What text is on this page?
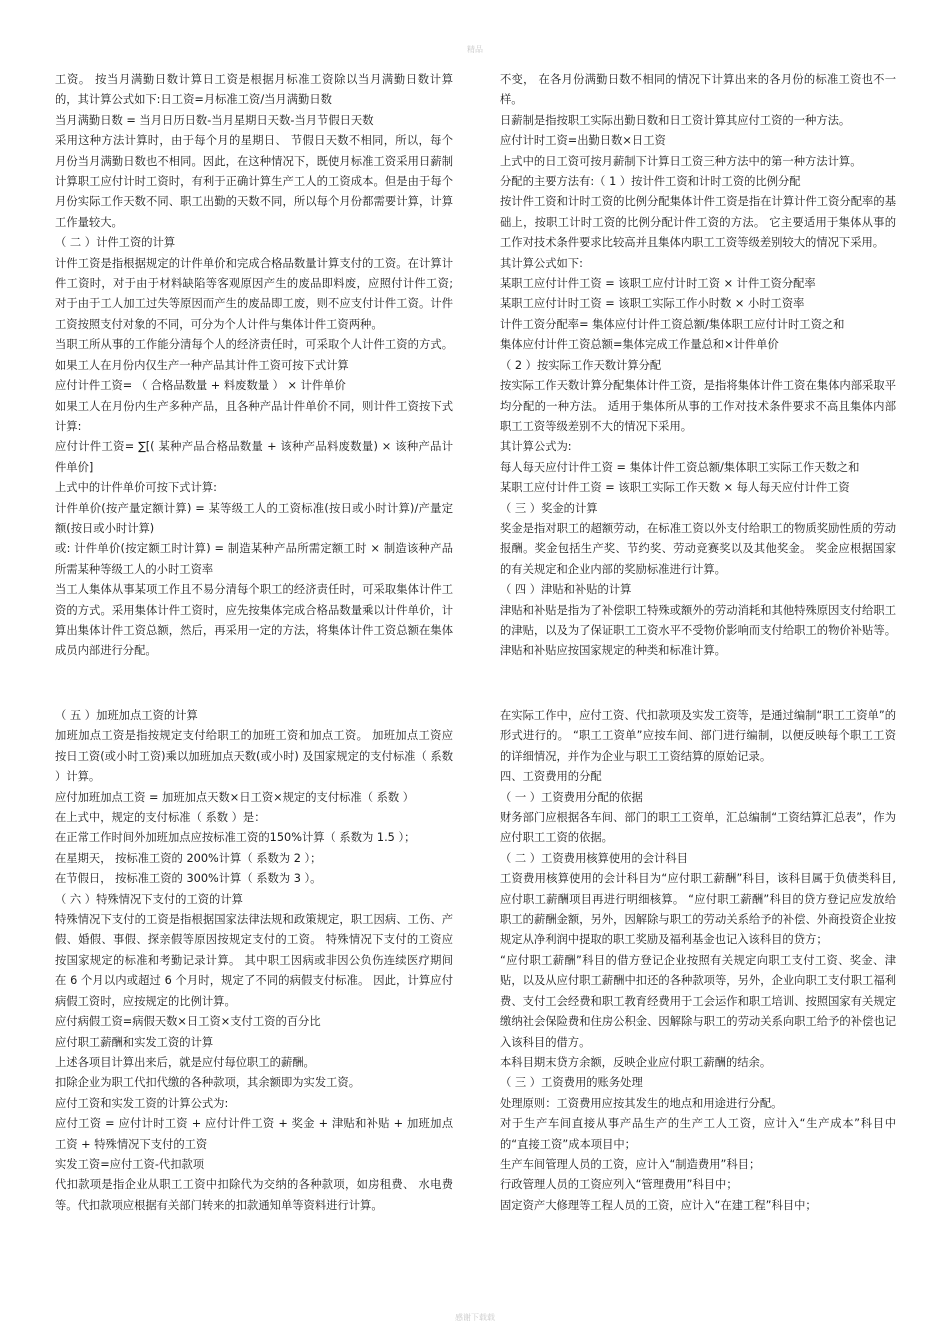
精品

工资。 按当月满勤日数计算日工资是根据月标准工资除以当月满勤日数计算的，其计算公式如下:日工资=月标准工资/当月满勤日数

当月满勤日数 = 当月日历日数-当月星期日天数-当月节假日天数

采用这种方法计算时，由于每个月的星期日、 节假日天数不相同，所以，每个月份当月满勤日数也不相同。因此，在这种情况下，既使月标准工资采用日薪制计算职工应付计时工资时，有利于正确计算生产工人的工资成本。但是由于每个月份实际工作天数不同、职工出勤的天数不同，所以每个月份都需要计算，计算工作量较大。

（ 二 ）计件工资的计算

计件工资是指根据规定的计件单价和完成合格品数量计算支付的工资。在计算计件工资时，对于由于材料缺陷等客观原因产生的废品即料废，应照付计件工资;对于由于工人加工过失等原因而产生的废品即工废，则不应支付计件工资。计件工资按照支付对象的不同，可分为个人计件与集体计件工资两种。

当职工所从事的工作能分清每个人的经济责任时，可采取个人计件工资的方式。 如果工人在月份内仅生产一种产品其计件工资可按下式计算

应付计件工资= （ 合格品数量 + 料废数量 ） × 计件单价

如果工人在月份内生产多种产品，且各种产品计件单价不同，则计件工资按下式计算:

应付计件工资= ∑[( 某种产品合格品数量 + 该种产品料废数量) × 该种产品计件单价]

上式中的计件单价可按下式计算:

计件单价(按产量定额计算) = 某等级工人的工资标准(按日或小时计算)/产量定额(按日或小时计算)

或: 计件单价(按定额工时计算) = 制造某种产品所需定额工时 × 制造该种产品所需某种等级工人的小时工资率

当工人集体从事某项工作且不易分清每个职工的经济责任时，可采取集体计件工资的方式。采用集体计件工资时，应先按集体完成合格品数量乘以计件单价，计算出集体计件工资总额，然后，再采用一定的方法，将集体计件工资总额在集体成员内部进行分配。

不变， 在各月份满勤日数不相同的情况下计算出来的各月份的标准工资也不一样。

日薪制是指按职工实际出勤日数和日工资计算其应付工资的一种方法。

应付计时工资=出勤日数×日工资

上式中的日工资可按月薪制下计算日工资三种方法中的第一种方法计算。

分配的主要方法有:（ 1 ）按计件工资和计时工资的比例分配

按计件工资和计时工资的比例分配集体计件工资是指在计算计件工资分配率的基础上，按职工计时工资的比例分配计件工资的方法。 它主要适用于集体从事的工作对技术条件要求比较高并且集体内职工工资等级差别较大的情况下采用。

其计算公式如下:

某职工应付计件工资 = 该职工应付计时工资 × 计件工资分配率

某职工应付计时工资 = 该职工实际工作小时数 × 小时工资率

计件工资分配率= 集体应付计件工资总额/集体职工应付计时工资之和

集体应付计件工资总额=集体完成工作量总和×计件单价

（ 2 ）按实际工作天数计算分配

按实际工作天数计算分配集体计件工资，是指将集体计件工资在集体内部采取平均分配的一种方法。 适用于集体所从事的工作对技术条件要求不高且集体内部职工工资等级差别不大的情况下采用。

其计算公式为:

每人每天应付计件工资 = 集体计件工资总额/集体职工实际工作天数之和

某职工应付计件工资 = 该职工实际工作天数 × 每人每天应付计件工资

（ 三 ）奖金的计算

奖金是指对职工的超额劳动，在标准工资以外支付给职工的物质奖励性质的劳动报酬。奖金包括生产奖、节约奖、劳动竞赛奖以及其他奖金。 奖金应根据国家的有关规定和企业内部的奖励标准进行计算。

（ 四 ）津贴和补贴的计算

津贴和补贴是指为了补偿职工特殊或额外的劳动消耗和其他特殊原因支付给职工的津贴，以及为了保证职工工资水平不受物价影响而支付给职工的物价补贴等。津贴和补贴应按国家规定的种类和标准计算。

（ 五 ）加班加点工资的计算

加班加点工资是指按规定支付给职工的加班工资和加点工资。 加班加点工资应按日工资(或小时工资)乘以加班加点天数(或小时) 及国家规定的支付标准（ 系数 ）计算。

应付加班加点工资 = 加班加点天数×日工资×规定的支付标准（ 系数 ）

在上式中，规定的支付标准（ 系数 ）是：

在正常工作时间外加班加点应按标准工资的150%计算（ 系数为 1.5 ）；

在星期天， 按标准工资的 200%计算（ 系数为 2 ）；

在节假日， 按标准工资的 300%计算（ 系数为 3 ）。

（ 六 ）特殊情况下支付的工资的计算

特殊情况下支付的工资是指根据国家法律法规和政策规定，职工因病、工伤、产假、婚假、事假、探亲假等原因按规定支付的工资。 特殊情况下支付的工资应按国家规定的标准和考勤记录计算。 其中职工因病或非因公负伤连续医疗期间在 6 个月以内或超过 6 个月时，规定了不同的病假支付标准。 因此，计算应付病假工资时，应按规定的比例计算。

应付病假工资=病假天数×日工资×支付工资的百分比

应付职工薪酬和实发工资的计算

上述各项目计算出来后，就是应付每位职工的薪酬。

扣除企业为职工代扣代缴的各种款项，其余额即为实发工资。

应付工资和实发工资的计算公式为:

应付工资 = 应付计时工资 + 应付计件工资 + 奖金 + 津贴和补贴 + 加班加点工资 + 特殊情况下支付的工资

实发工资=应付工资-代扣款项

代扣款项是指企业从职工工资中扣除代为交纳的各种款项，如房租费、 水电费等。代扣款项应根据有关部门转来的扣款通知单等资料进行计算。

在实际工作中，应付工资、代扣款项及实发工资等，是通过编制“职工工资单”的形式进行的。 “职工工资单”应按车间、部门进行编制，以便反映每个职工工资的详细情况，并作为企业与职工工资结算的原始记录。

四、工资费用的分配

（ 一 ）工资费用分配的依据

财务部门应根据各车间、部门的职工工资单，汇总编制“工资结算汇总表”，作为应付职工工资的依据。

（ 二 ）工资费用核算使用的会计科目

工资费用核算使用的会计科目为“应付职工薪酬”科目，该科目属于负债类科目,应付职工薪酬项目再进行明细核算。 “应付职工薪酬”科目的贷方登记应发放给职工的薪酬金额，另外，因解除与职工的劳动关系给予的补偿、外商投资企业按规定从净利润中提取的职工奖励及福利基金也记入该科目的贷方；

“应付职工薪酬”科目的借方登记企业按照有关规定向职工支付工资、奖金、津贴，以及从应付职工薪酬中扣还的各种款项等，另外，企业向职工支付职工福利费、支付工会经费和职工教育经费用于工会运作和职工培训、按照国家有关规定缴纳社会保险费和住房公积金、因解除与职工的劳动关系向职工给予的补偿也记入该科目的借方。

本科目期末贷方余额，反映企业应付职工薪酬的结余。

（ 三 ）工资费用的账务处理

处理原则：工资费用应按其发生的地点和用途进行分配。

对于生产车间直接从事产品生产的生产工人工资，应计入“生产成本”科目中的“直接工资”成本项目中；

生产车间管理人员的工资，应计入“制造费用”科目；

行政管理人员的工资应列入“管理费用”科目中；

固定资产大修理等工程人员的工资，应计入“在建工程”科目中；

感谢下载载
